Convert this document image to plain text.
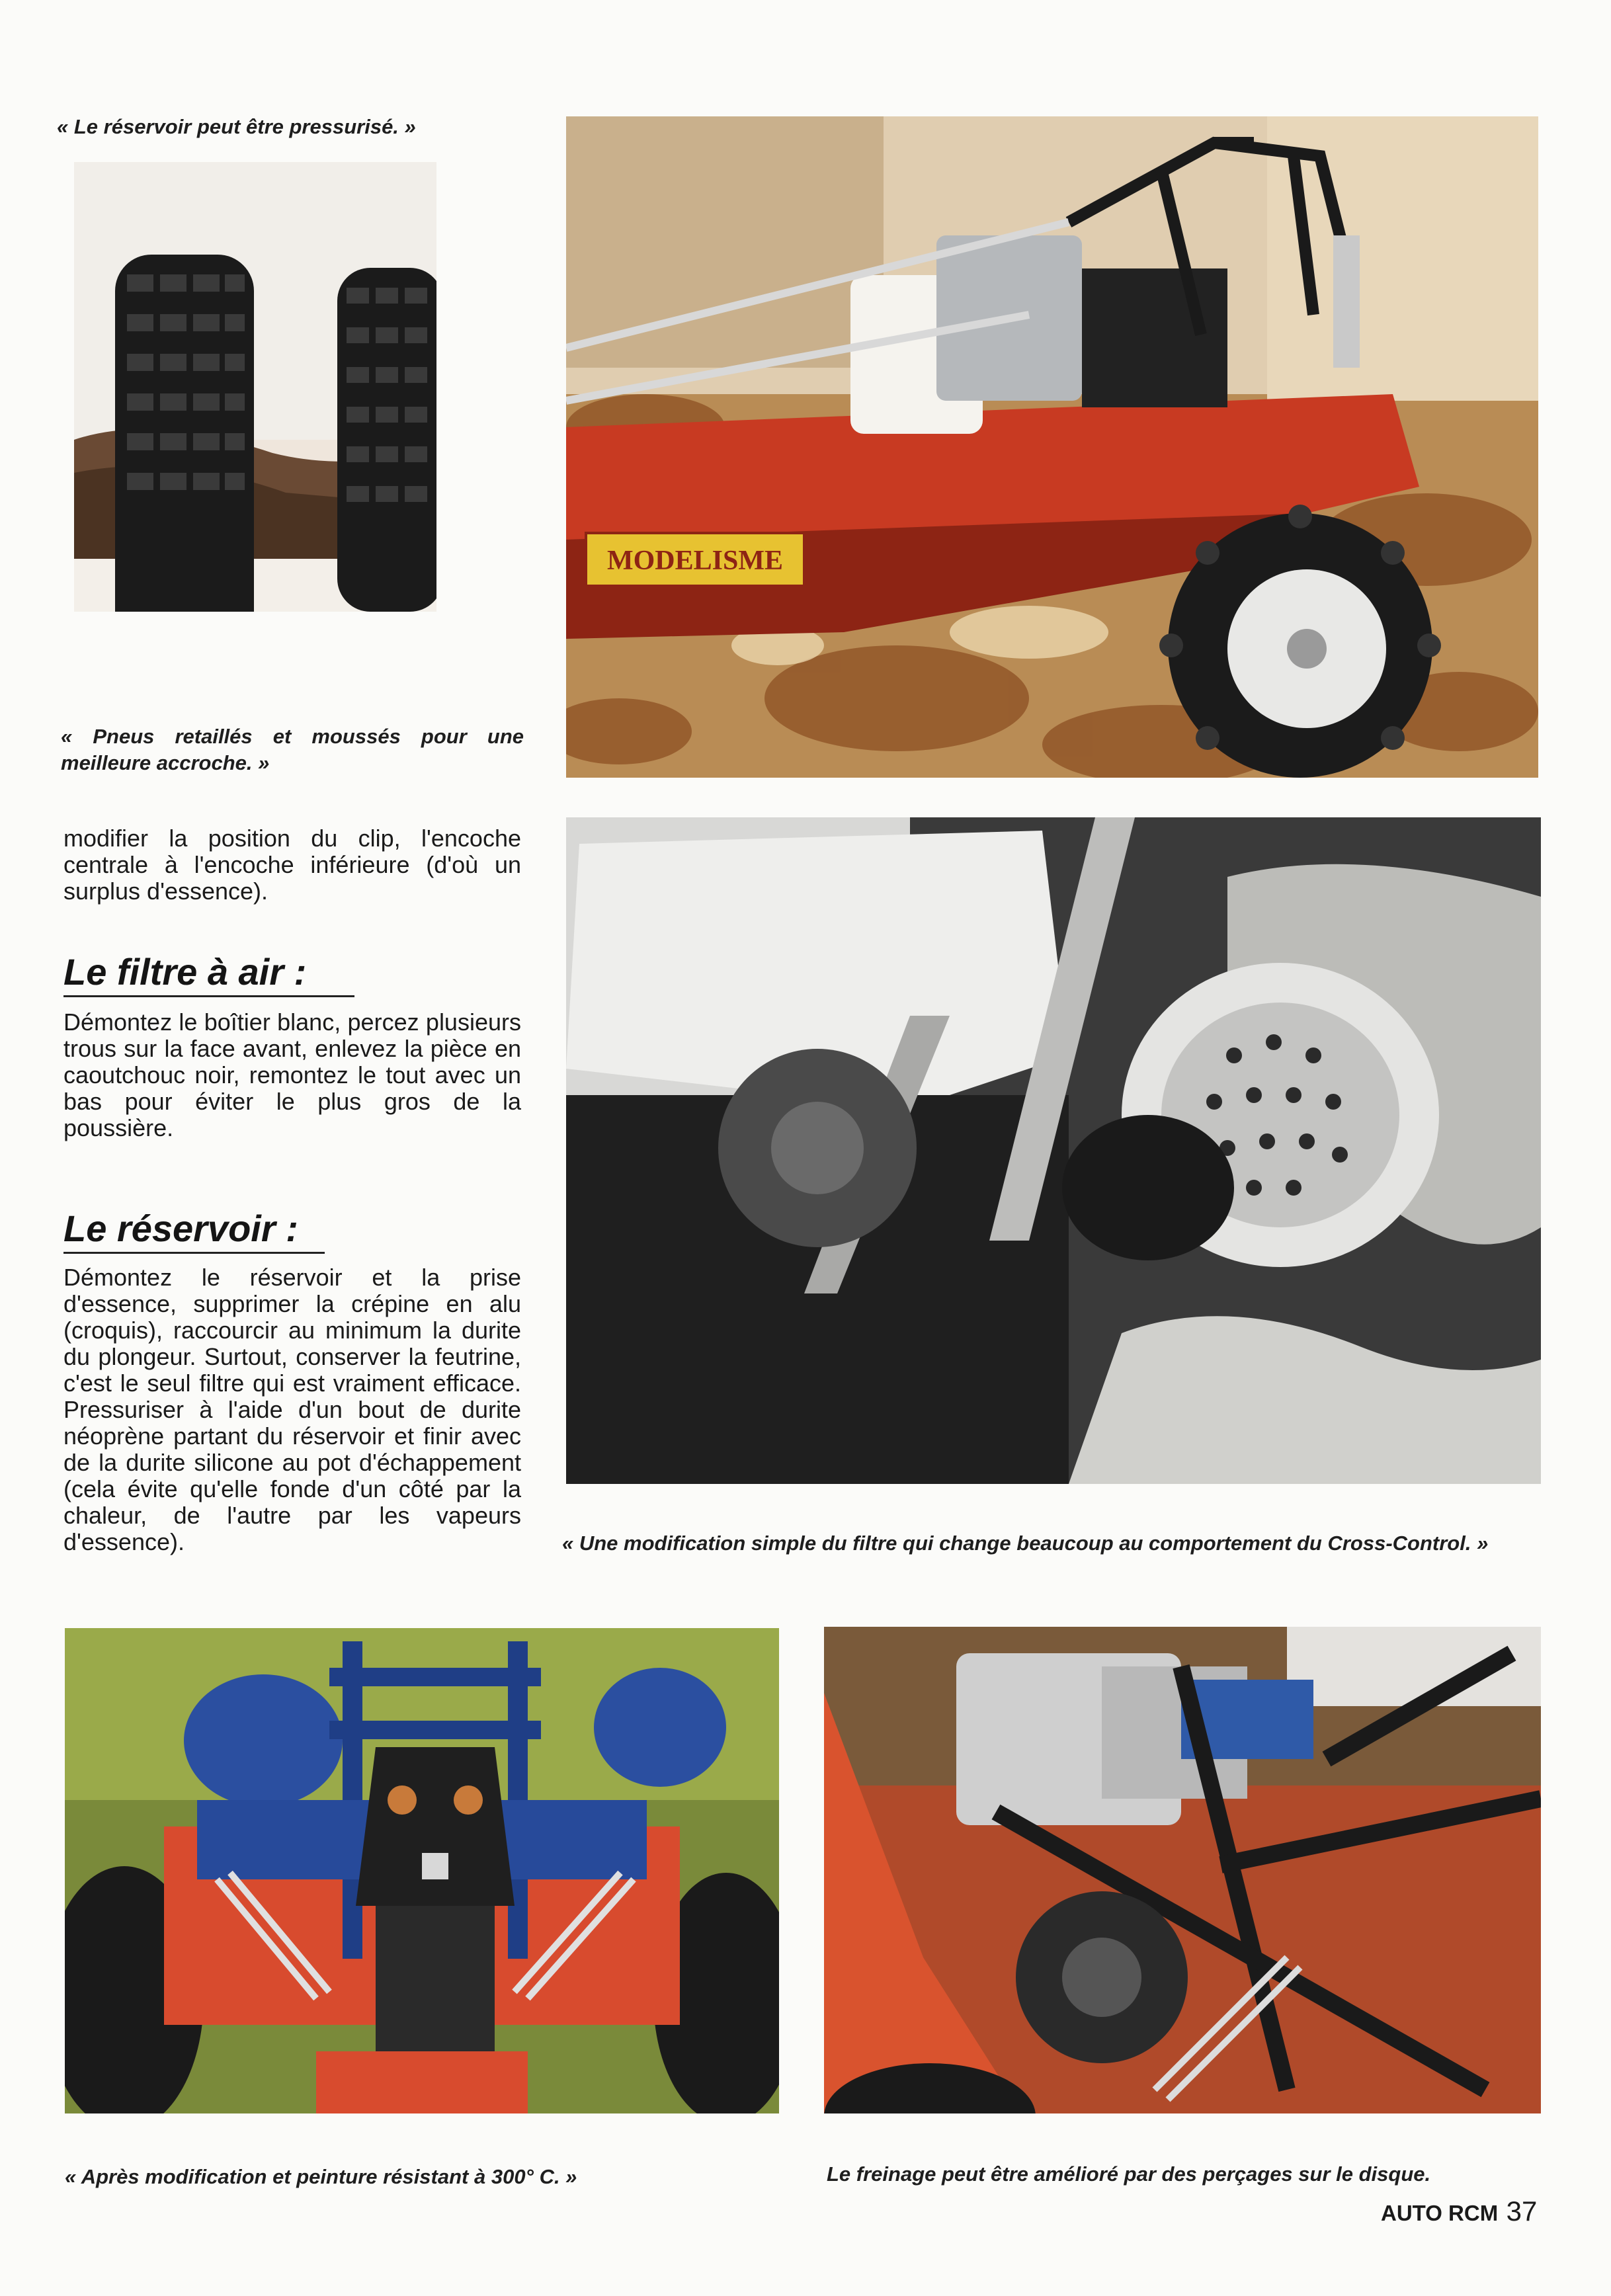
« Le réservoir peut être pressurisé. »
MODELISME
« Pneus retaillés et moussés pour une meilleure accroche. »
modifier la position du clip, l'encoche centrale à l'encoche inférieure (d'où un surplus d'essence).
Le filtre à air :
Démontez le boîtier blanc, percez plusieurs trous sur la face avant, enlevez la pièce en caoutchouc noir, remontez le tout avec un bas pour éviter le plus gros de la poussière.
Le réservoir :
Démontez le réservoir et la prise d'essence, supprimer la crépine en alu (croquis), raccourcir au minimum la durite du plongeur. Surtout, conserver la feutrine, c'est le seul filtre qui est vraiment efficace. Pressuriser à l'aide d'un bout de durite néoprène partant du réservoir et finir avec de la durite silicone au pot d'échappement (cela évite qu'elle fonde d'un côté par la chaleur, de l'autre par les vapeurs d'essence).	« Une modification simple du filtre qui change beaucoup au comportement du Cross-Control. »
« Après modification et peinture résistant à 300° C. »	Le freinage peut être amélioré par des perçages sur le disque.
AUTO RCM 37
